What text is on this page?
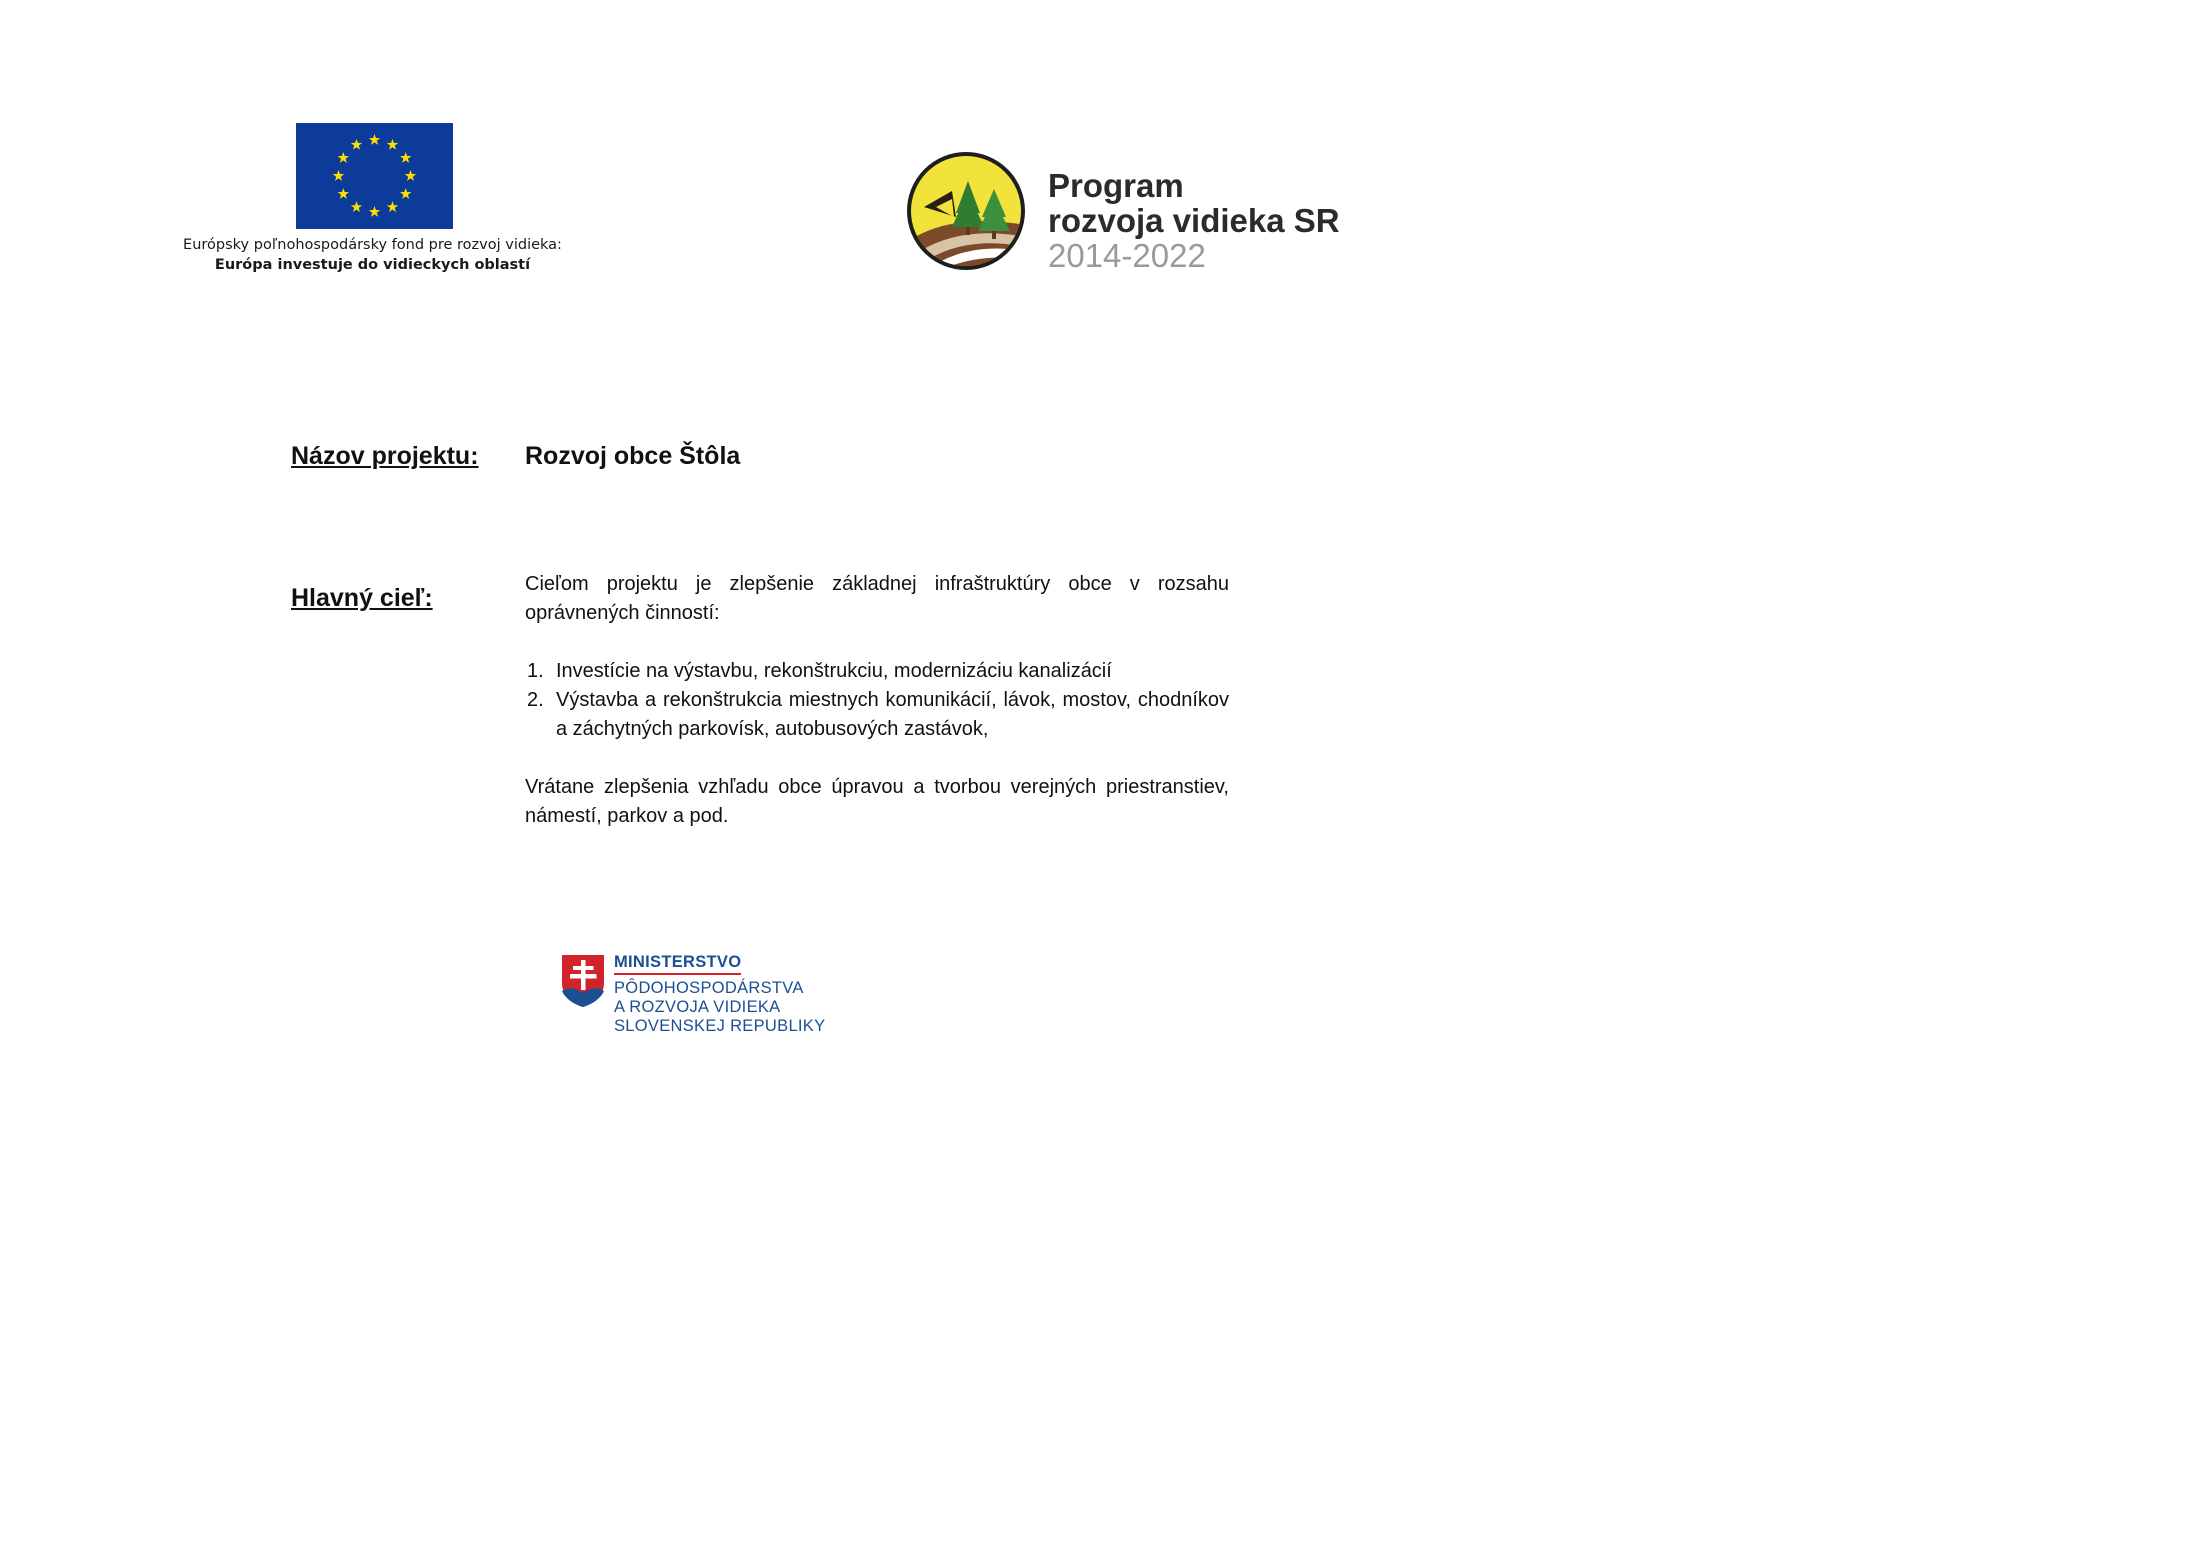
Európsky poľnohospodársky fond pre rozvoj vidieka:
Európa investuje do vidieckych oblastí
Program
rozvoja vidieka SR
2014-2022
Názov projektu: Rozvoj obce Štôla
Hlavný cieľ:	Cieľom projektu je zlepšenie základnej infraštruktúry obce v rozsahu oprávnených činností:

1. Investície na výstavbu, rekonštrukciu, modernizáciu kanalizácií
2. Výstavba a rekonštrukcia miestnych komunikácií, lávok, mostov, chodníkov a záchytných parkovísk, autobusových zastávok,

Vrátane zlepšenia vzhľadu obce úpravou a tvorbou verejných priestranstiev, námestí, parkov a pod.

MINISTERSTVO
PÔDOHOSPODÁRSTVA
A ROZVOJA VIDIEKA
SLOVENSKEJ REPUBLIKY
